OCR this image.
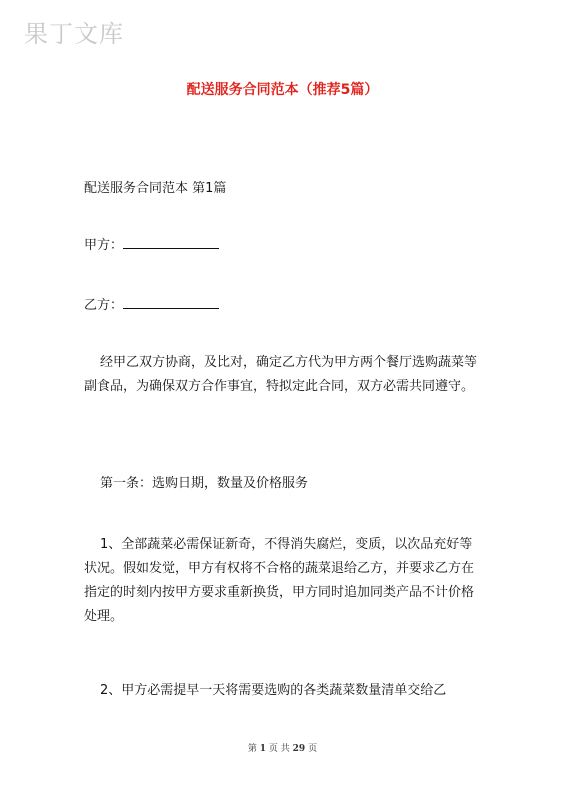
果丁文库
配送服务合同范本（推荐5篇）
配送服务合同范本 第1篇
甲方：
乙方：
经甲乙双方协商，及比对，确定乙方代为甲方两个餐厅选购蔬菜等副食品，为确保双方合作事宜，特拟定此合同，双方必需共同遵守。
第一条：选购日期，数量及价格服务
1、全部蔬菜必需保证新奇，不得消失腐烂，变质，以次品充好等状况。假如发觉，甲方有权将不合格的蔬菜退给乙方，并要求乙方在指定的时刻内按甲方要求重新换货，甲方同时追加同类产品不计价格处理。
2、甲方必需提早一天将需要选购的各类蔬菜数量清单交给乙
第 1 页 共 29 页
